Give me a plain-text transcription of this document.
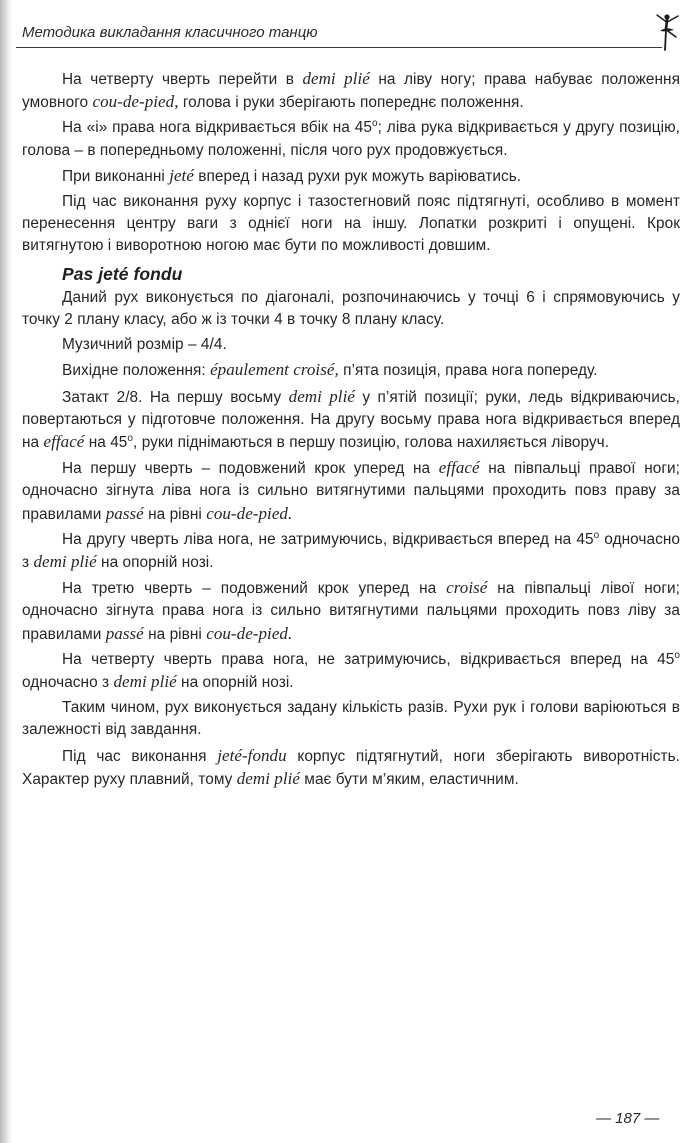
Методика викладання класичного танцю

На четверту чверть перейти в demi plié на ліву ногу; права набуває положення умовного cou-de-pied, голова і руки зберігають попереднє положення.

На «і» права нога відкривається вбік на $45^о$; ліва рука відкривається у другу позицію, голова – в попередньому положенні, після чого рух продовжується.

При виконанні jeté вперед і назад рухи рук можуть варіюватись.

Під час виконання руху корпус і тазостегновий пояс підтягнуті, особливо в момент перенесення центру ваги з однієї ноги на іншу. Лопатки розкриті і опущені. Крок витягнутою і виворотною ногою має бути по можливості довшим.

Pas jeté fondu

Даний рух виконується по діагоналі, розпочинаючись у точці 6 і спрямовуючись у точку 2 плану класу, або ж із точки 4 в точку 8 плану класу.

Музичний розмір – 4/4.

Вихідне положення: épaulement croisé, п’ята позиція, права нога попереду.

Затакт 2/8. На першу восьму demi plié у п’ятій позиції; руки, ледь відкриваючись, повертаються у підготовче положення. На другу восьму права нога відкривається вперед на effacé на $45^о$, руки піднімаються в першу позицію, голова нахиляється ліворуч.

На першу чверть – подовжений крок уперед на effacé на півпальці правої ноги; одночасно зігнута ліва нога із сильно витягнутими пальцями проходить повз праву за правилами passé на рівні cou-de-pied.

На другу чверть ліва нога, не затримуючись, відкривається вперед на $45^о$ одночасно з demi plié на опорній нозі.

На третю чверть – подовжений крок уперед на croisé на півпальці лівої ноги; одночасно зігнута права нога із сильно витягнутими пальцями проходить повз ліву за правилами passé на рівні cou-de-pied.

На четверту чверть права нога, не затримуючись, відкривається вперед на $45^о$ одночасно з demi plié на опорній нозі.

Таким чином, рух виконується задану кількість разів. Рухи рук і голови варіюються в залежності від завдання.

Під час виконання jeté-fondu корпус підтягнутий, ноги зберігають виворотність. Характер руху плавний, тому demi plié має бути м’яким, еластичним.

— 187 —
